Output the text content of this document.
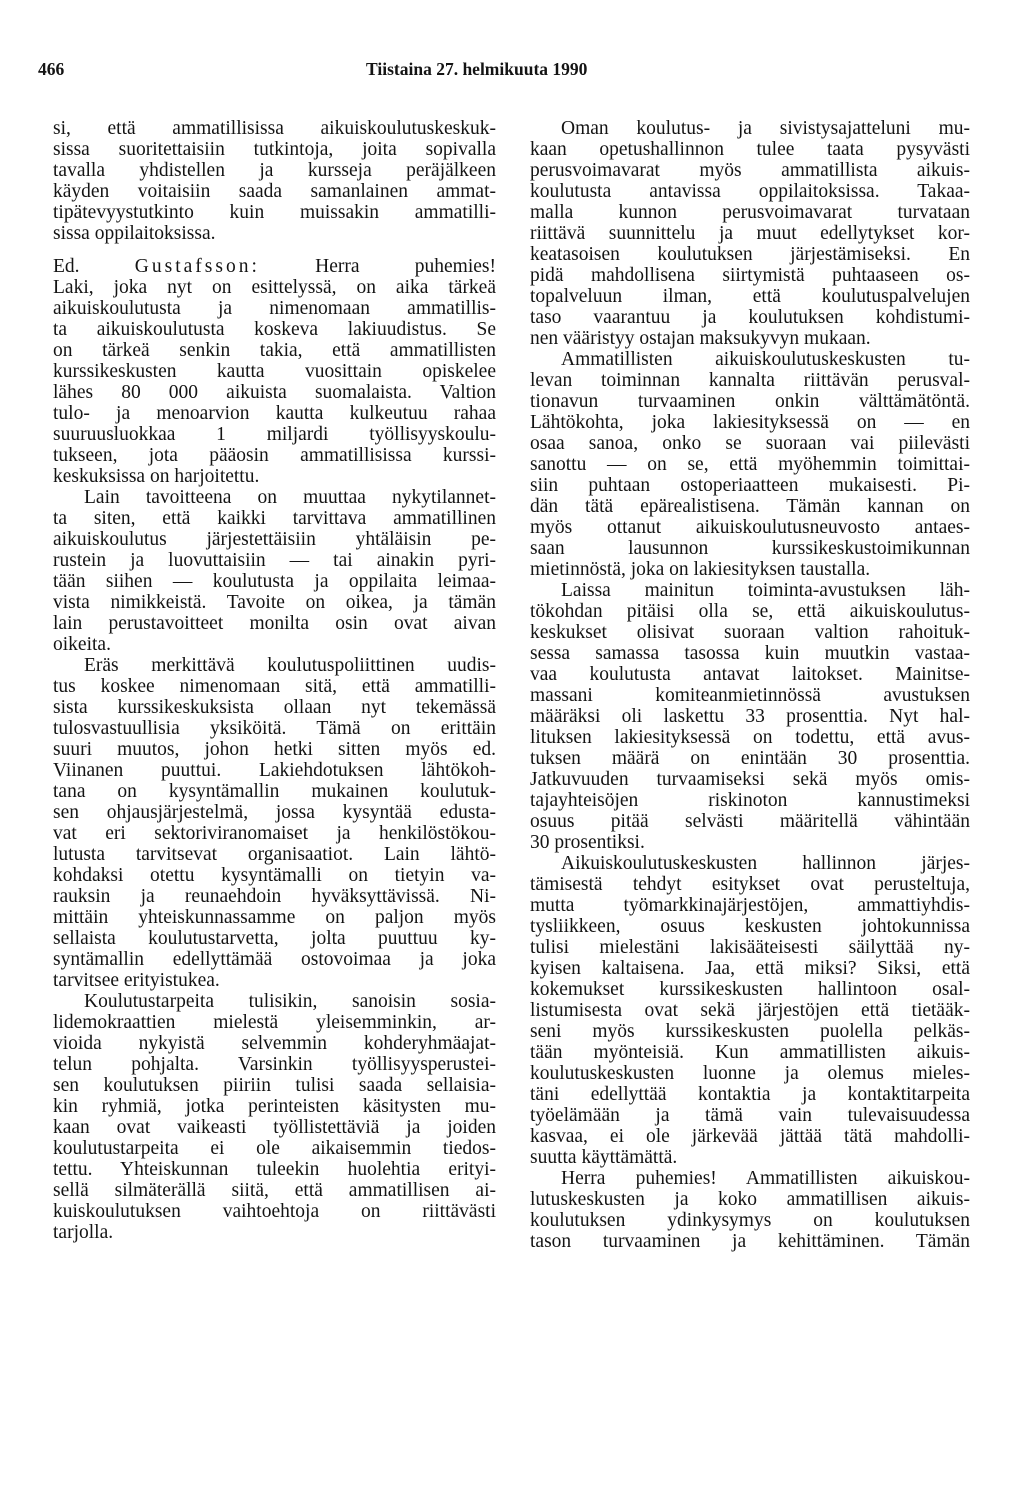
466	Tiistaina 27. helmikuuta 1990
si, että ammatillisissa aikuiskoulutuskeskuk-
sissa suoritettaisiin tutkintoja, joita sopivalla
tavalla yhdistellen ja kursseja peräjälkeen
käyden voitaisiin saada samanlainen ammat-
tipätevyystutkinto kuin muissakin ammatilli-
sissa oppilaitoksissa.
Ed.	Gustafsson:	Herra puhemies!
Laki, joka nyt on esittelyssä, on aika tärkeä
aikuiskoulutusta ja nimenomaan ammatillis-
ta aikuiskoulutusta koskeva lakiuudistus. Se
on tärkeä senkin takia, että ammatillisten
kurssikeskusten kautta vuosittain opiskelee
lähes 80 000 aikuista suomalaista. Valtion
tulo- ja menoarvion kautta kulkeutuu rahaa
suuruusluokkaa 1 miljardi työllisyyskoulu-
tukseen, jota pääosin ammatillisissa kurssi-
keskuksissa on harjoitettu.
Lain tavoitteena on muuttaa nykytilannet-
ta siten, että kaikki tarvittava ammatillinen
aikuiskoulutus järjestettäisiin yhtäläisin pe-
rustein ja luovuttaisiin — tai ainakin pyri-
tään siihen — koulutusta ja oppilaita leimaa-
vista nimikkeistä. Tavoite on oikea, ja tämän
lain perustavoitteet monilta osin ovat aivan
oikeita.
Eräs merkittävä koulutuspoliittinen uudis-
tus koskee nimenomaan sitä, että ammatilli-
sista kurssikeskuksista ollaan nyt tekemässä
tulosvastuullisia yksiköitä. Tämä on erittäin
suuri muutos, johon hetki sitten myös ed.
Viinanen puuttui. Lakiehdotuksen lähtökoh-
tana on kysyntämallin mukainen koulutuk-
sen ohjausjärjestelmä, jossa kysyntää edusta-
vat eri sektoriviranomaiset ja henkilöstökou-
lutusta tarvitsevat organisaatiot. Lain lähtö-
kohdaksi otettu kysyntämalli on tietyin va-
rauksin ja reunaehdoin hyväksyttävissä. Ni-
mittäin yhteiskunnassamme on paljon myös
sellaista koulutustarvetta, jolta puuttuu ky-
syntämallin edellyttämää ostovoimaa ja joka
tarvitsee erityistukea.
Koulutustarpeita tulisikin, sanoisin sosia-
lidemokraattien mielestä yleisemminkin, ar-
vioida nykyistä selvemmin kohderyhmäajat-
telun pohjalta. Varsinkin työllisyysperustei-
sen koulutuksen piiriin tulisi saada sellaisia-
kin ryhmiä, jotka perinteisten käsitysten mu-
kaan ovat vaikeasti työllistettäviä ja joiden
koulutustarpeita ei ole aikaisemmin tiedos-
tettu. Yhteiskunnan tuleekin huolehtia erityi-
sellä silmäterällä siitä, että ammatillisen ai-
kuiskoulutuksen vaihtoehtoja on riittävästi
tarjolla.
Oman koulutus- ja sivistysajatteluni mu-
kaan opetushallinnon tulee taata pysyvästi
perusvoimavarat myös ammatillista aikuis-
koulutusta antavissa oppilaitoksissa. Takaa-
malla kunnon perusvoimavarat turvataan
riittävä suunnittelu ja muut edellytykset kor-
keatasoisen koulutuksen järjestämiseksi. En
pidä mahdollisena siirtymistä puhtaaseen os-
topalveluun ilman, että koulutuspalvelujen
taso vaarantuu ja koulutuksen kohdistumi-
nen vääristyy ostajan maksukyvyn mukaan.
Ammatillisten aikuiskoulutuskeskusten tu-
levan toiminnan kannalta riittävän perusval-
tionavun turvaaminen onkin välttämätöntä.
Lähtökohta, joka lakiesityksessä on — en
osaa sanoa, onko se suoraan vai piilevästi
sanottu — on se, että myöhemmin toimittai-
siin puhtaan ostoperiaatteen mukaisesti. Pi-
dän tätä epärealistisena. Tämän kannan on
myös ottanut aikuiskoulutusneuvosto antaes-
saan lausunnon kurssikeskustoimikunnan
mietinnöstä, joka on lakiesityksen taustalla.
Laissa mainitun toiminta-avustuksen läh-
tökohdan pitäisi olla se, että aikuiskoulutus-
keskukset olisivat suoraan valtion rahoituk-
sessa samassa tasossa kuin muutkin vastaa-
vaa koulutusta antavat laitokset. Mainitse-
massani komiteanmietinnössä avustuksen
määräksi oli laskettu 33 prosenttia. Nyt hal-
lituksen lakiesityksessä on todettu, että avus-
tuksen määrä on enintään 30 prosenttia.
Jatkuvuuden turvaamiseksi sekä myös omis-
tajayhteisöjen riskinoton kannustimeksi
osuus pitää selvästi määritellä vähintään
30 prosentiksi.
Aikuiskoulutuskeskusten hallinnon järjes-
tämisestä tehdyt esitykset ovat perusteltuja,
mutta työmarkkinajärjestöjen, ammattiyhdis-
tysliikkeen, osuus keskusten johtokunnissa
tulisi mielestäni lakisääteisesti säilyttää ny-
kyisen kaltaisena. Jaa, että miksi? Siksi, että
kokemukset kurssikeskusten hallintoon osal-
listumisesta ovat sekä järjestöjen että tietääk-
seni myös kurssikeskusten puolella pelkäs-
tään myönteisiä. Kun ammatillisten aikuis-
koulutuskeskusten luonne ja olemus mieles-
täni edellyttää kontaktia ja kontaktitarpeita
työelämään ja tämä vain tulevaisuudessa
kasvaa, ei ole järkevää jättää tätä mahdolli-
suutta käyttämättä.
Herra puhemies! Ammatillisten aikuiskou-
lutuskeskusten ja koko ammatillisen aikuis-
koulutuksen ydinkysymys on koulutuksen
tason turvaaminen ja kehittäminen. Tämän
